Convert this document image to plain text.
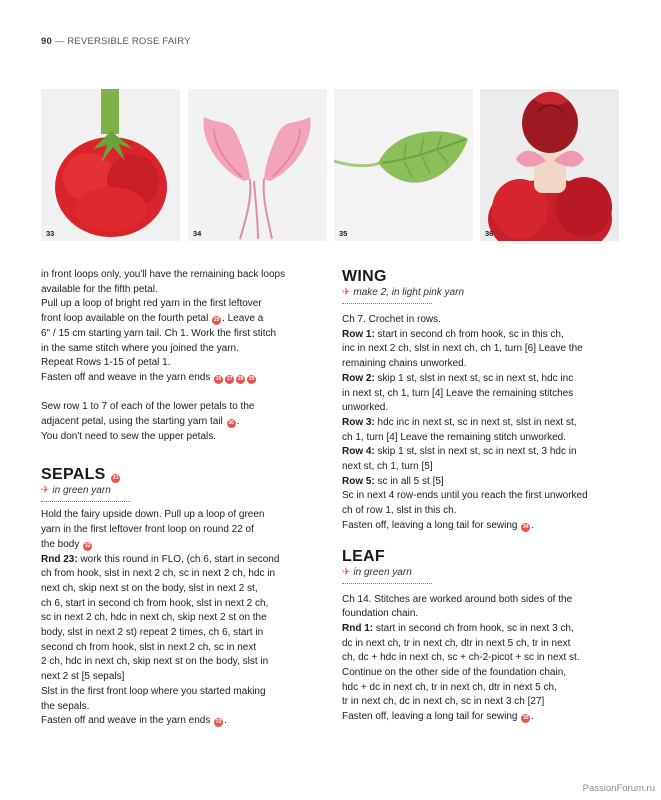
90 — REVERSIBLE ROSE FAIRY
33	34	35	36

in front loops only, you'll have the remaining back loops

available for the fifth petal.

Pull up a loop of bright red yarn in the first leftover

front loop available on the fourth petal 29 . Leave a

6" / 15 cm starting yarn tail. Ch 1. Work the first stitch

in the same stitch where you joined the yarn.

Repeat Rows 1-15 of petal 1.

Fasten off and weave in the yarn ends 26 27 28 29

Sew row 1 to 7 of each of the lower petals to the

adjacent petal, using the starting yarn tail 30 .

You don't need to sew the upper petals.

SEPALS 31

✈ in green yarn

Hold the fairy upside down. Pull up a loop of green

yarn in the first leftover front loop on round 22 of

the body 32

Rnd 23: work this round in FLO, (ch 6, start in second

ch from hook, slst in next 2 ch, sc in next 2 ch, hdc in

next ch, skip next st on the body, slst in next 2 st,

ch 6, start in second ch from hook, slst in next 2 ch,

sc in next 2 ch, hdc in next ch, skip next 2 st on the

body, slst in next 2 st) repeat 2 times, ch 6, start in

second ch from hook, slst in next 2 ch, sc in next

2 ch, hdc in next ch, skip next st on the body, slst in

next 2 st [5 sepals]

Slst in the first front loop where you started making

the sepals.

Fasten off and weave in the yarn ends 33 .

WING

✈ make 2, in light pink yarn

Ch 7. Crochet in rows.

Row 1: start in second ch from hook, sc in this ch,

inc in next 2 ch, slst in next ch, ch 1, turn [6] Leave the

remaining chains unworked.

Row 2: skip 1 st, slst in next st, sc in next st, hdc inc

in next st, ch 1, turn [4] Leave the remaining stitches

unworked.

Row 3: hdc inc in next st, sc in next st, slst in next st,

ch 1, turn [4] Leave the remaining stitch unworked.

Row 4: skip 1 st, slst in next st, sc in next st, 3 hdc in

next st, ch 1, turn [5]

Row 5: sc in all 5 st [5]

Sc in next 4 row-ends until you reach the first unworked

ch of row 1, slst in this ch.

Fasten off, leaving a long tail for sewing 34 .

LEAF

✈ in green yarn

Ch 14. Stitches are worked around both sides of the

foundation chain.

Rnd 1: start in second ch from hook, sc in next 3 ch,

dc in next ch, tr in next ch, dtr in next 5 ch, tr in next

ch, dc + hdc in next ch, sc + ch-2-picot + sc in next st.

Continue on the other side of the foundation chain,

hdc + dc in next ch, tr in next ch, dtr in next 5 ch,

tr in next ch, dc in next ch, sc in next 3 ch [27]

Fasten off, leaving a long tail for sewing 35 .

PassionForum.ru
